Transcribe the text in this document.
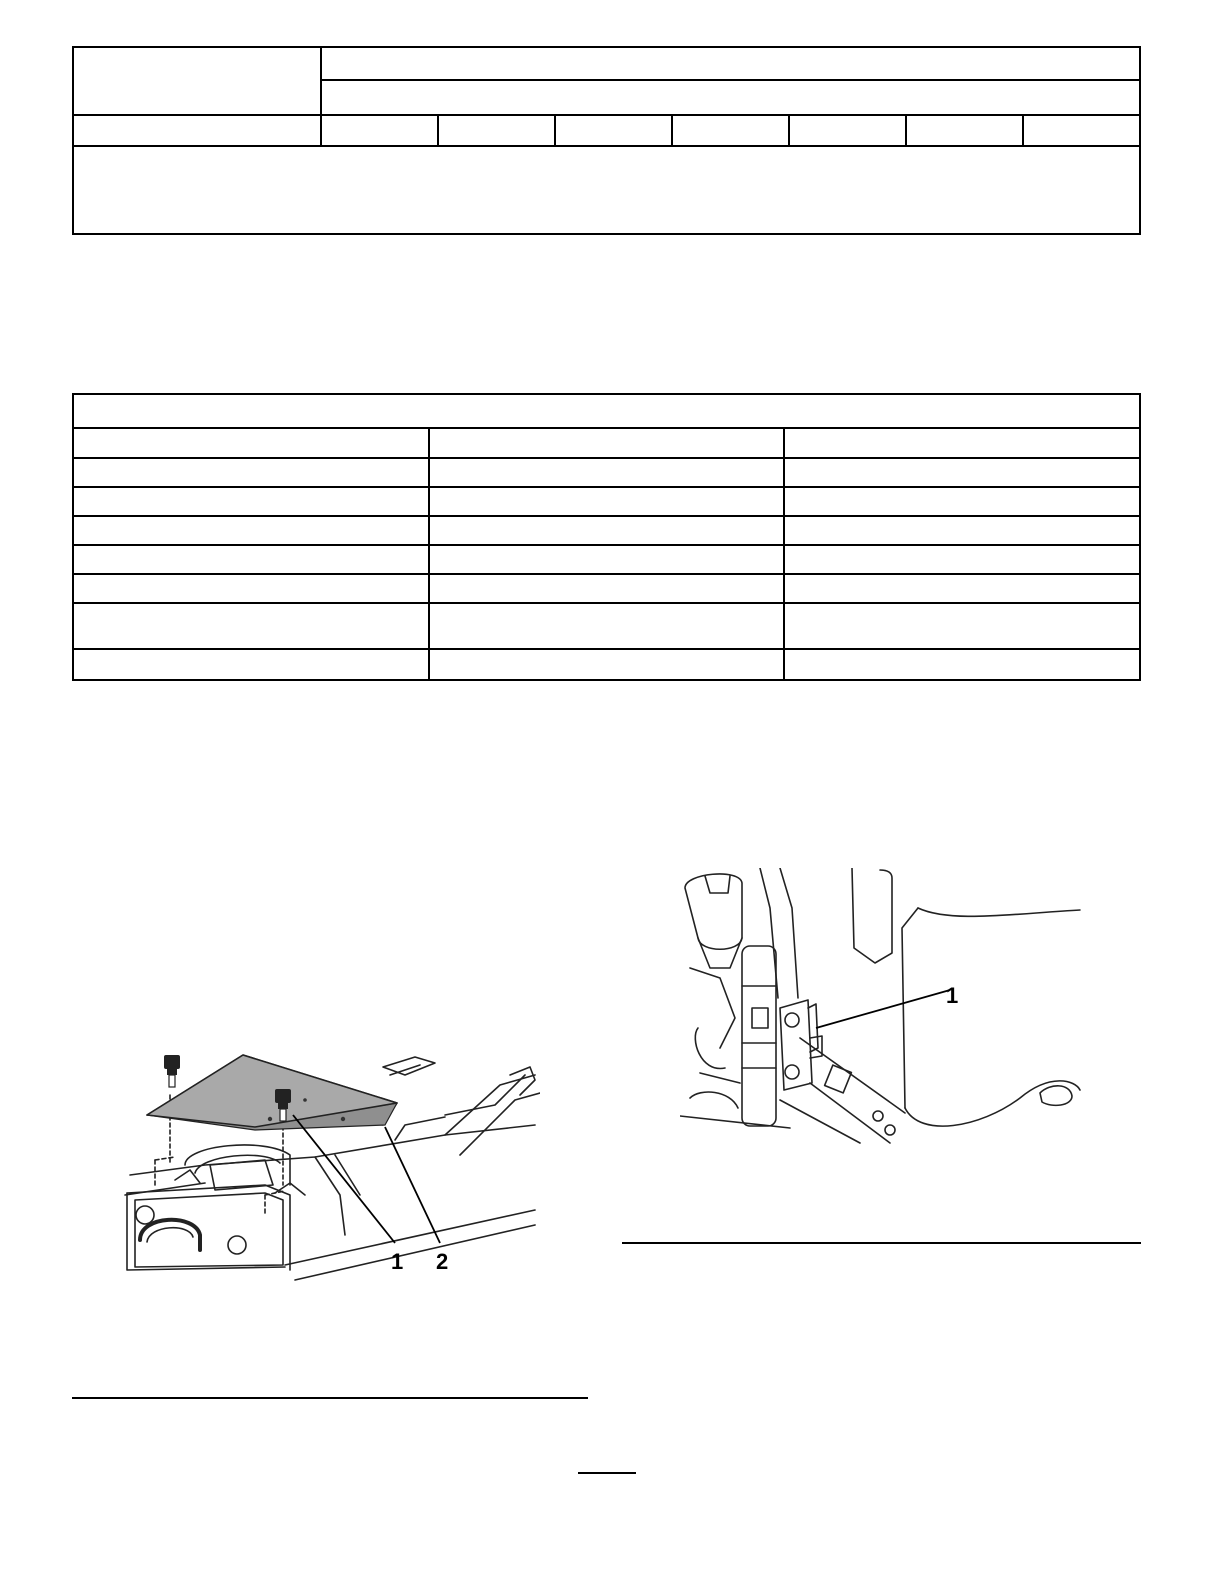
1 2
1
